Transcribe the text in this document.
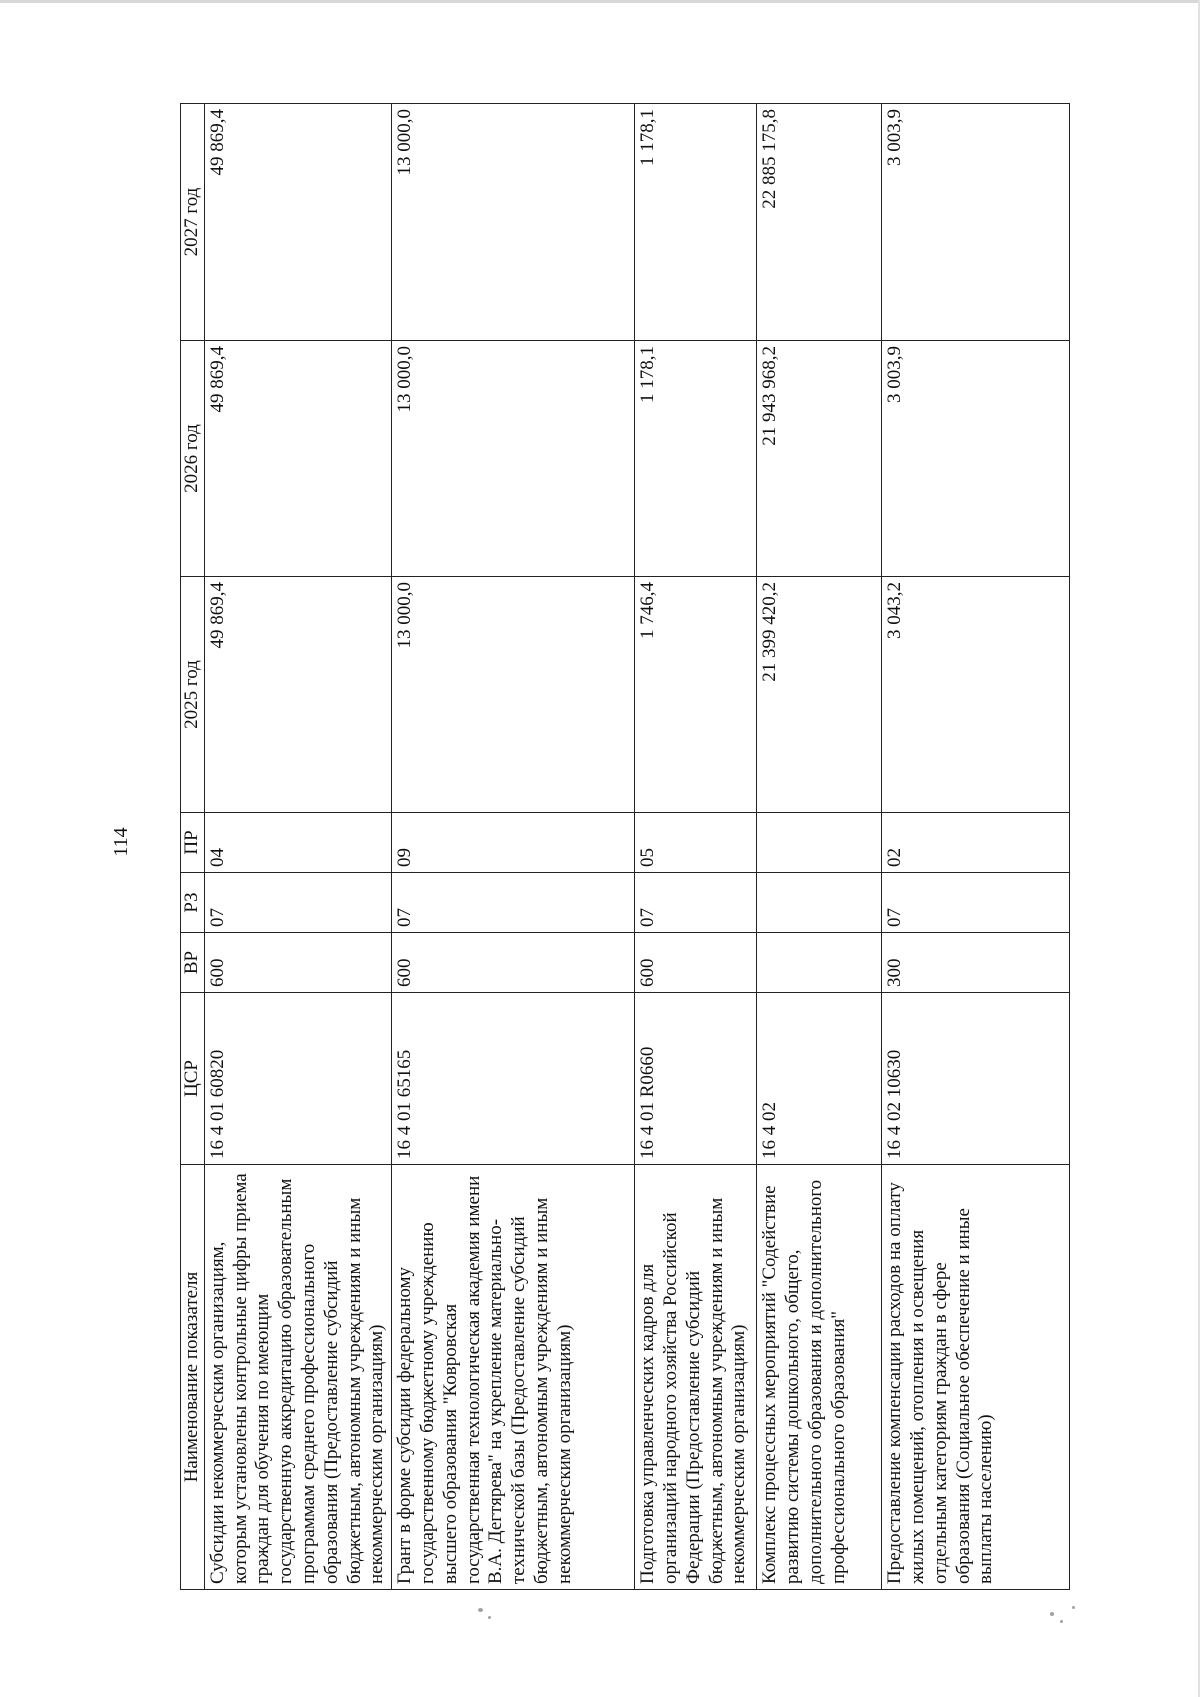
114
Наименование показателя	ЦСР	ВР	РЗ	ПР	2025 год	2026 год	2027 год
Субсидии некоммерческим организациям, которым установлены контрольные цифры приема граждан для обучения по имеющим государственную аккредитацию образовательным программам среднего профессионального образования (Предоставление субсидий бюджетным, автономным учреждениям и иным некоммерческим организациям)	16 4 01 60820	600	07	04	49 869,4	49 869,4	49 869,4
Грант в форме субсидии федеральному государственному бюджетному учреждению высшего образования "Ковровская государственная технологическая академия имени В.А. Дегтярева" на укрепление материально-технической базы (Предоставление субсидий бюджетным, автономным учреждениям и иным некоммерческим организациям)	16 4 01 65165	600	07	09	13 000,0	13 000,0	13 000,0
Подготовка управленческих кадров для организаций народного хозяйства Российской Федерации (Предоставление субсидий бюджетным, автономным учреждениям и иным некоммерческим организациям)	16 4 01 R0660	600	07	05	1 746,4	1 178,1	1 178,1
Комплекс процессных мероприятий "Содействие развитию системы дошкольного, общего, дополнительного образования и дополнительного профессионального образования"	16 4 02				21 399 420,2	21 943 968,2	22 885 175,8
Предоставление компенсации расходов на оплату жилых помещений, отопления и освещения отдельным категориям граждан в сфере образования (Социальное обеспечение и иные выплаты населению)	16 4 02 10630	300	07	02	3 043,2	3 003,9	3 003,9
